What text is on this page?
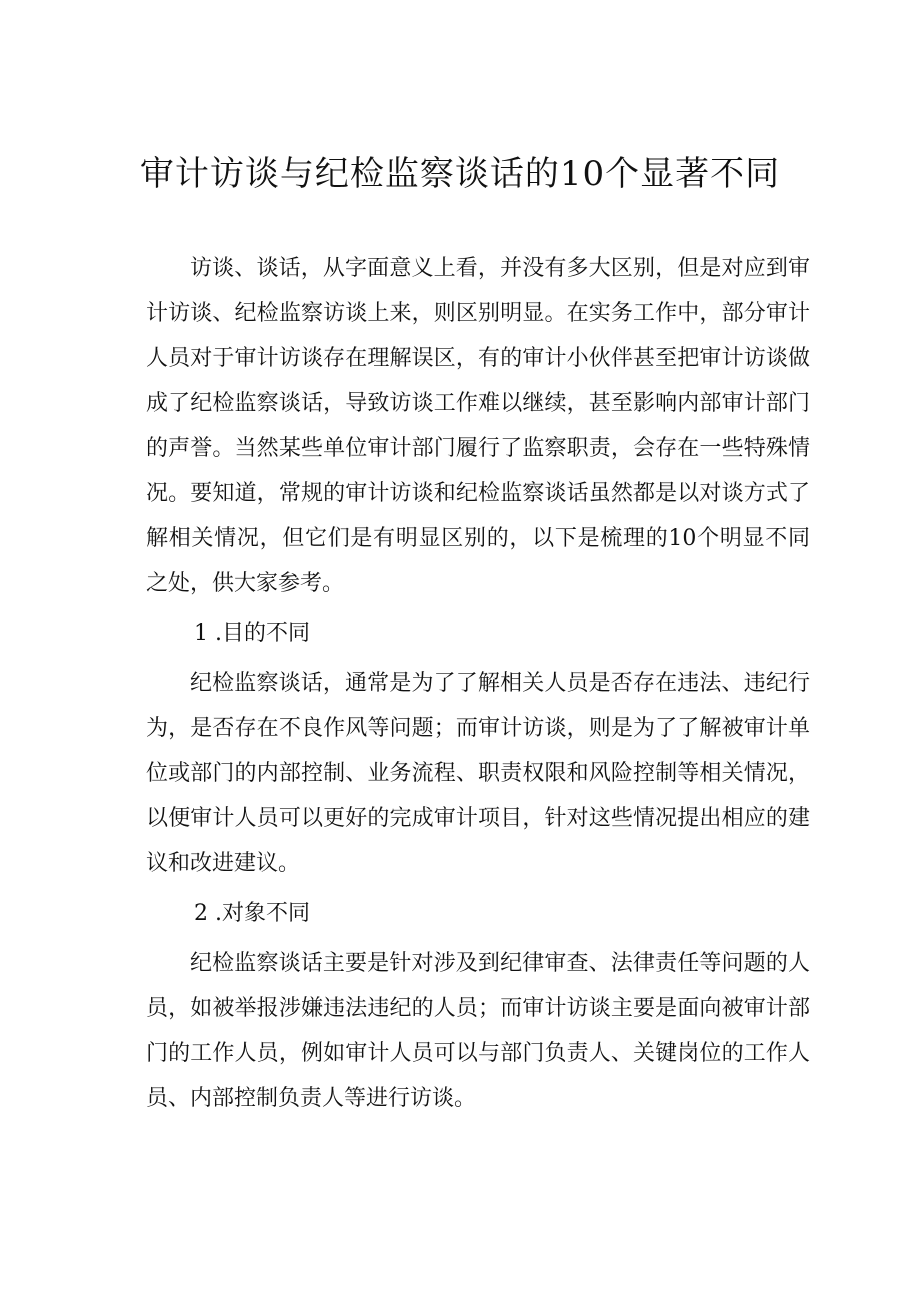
审计访谈与纪检监察谈话的10个显著不同

访谈、谈话，从字面意义上看，并没有多大区别，但是对应到审计访谈、纪检监察访谈上来，则区别明显。在实务工作中，部分审计人员对于审计访谈存在理解误区，有的审计小伙伴甚至把审计访谈做成了纪检监察谈话，导致访谈工作难以继续，甚至影响内部审计部门的声誉。当然某些单位审计部门履行了监察职责，会存在一些特殊情况。要知道，常规的审计访谈和纪检监察谈话虽然都是以对谈方式了解相关情况，但它们是有明显区别的，以下是梳理的10个明显不同之处，供大家参考。

1 .目的不同

纪检监察谈话，通常是为了了解相关人员是否存在违法、违纪行为，是否存在不良作风等问题；而审计访谈，则是为了了解被审计单位或部门的内部控制、业务流程、职责权限和风险控制等相关情况，以便审计人员可以更好的完成审计项目，针对这些情况提出相应的建议和改进建议。

2 .对象不同

纪检监察谈话主要是针对涉及到纪律审查、法律责任等问题的人员，如被举报涉嫌违法违纪的人员；而审计访谈主要是面向被审计部门的工作人员，例如审计人员可以与部门负责人、关键岗位的工作人员、内部控制负责人等进行访谈。
